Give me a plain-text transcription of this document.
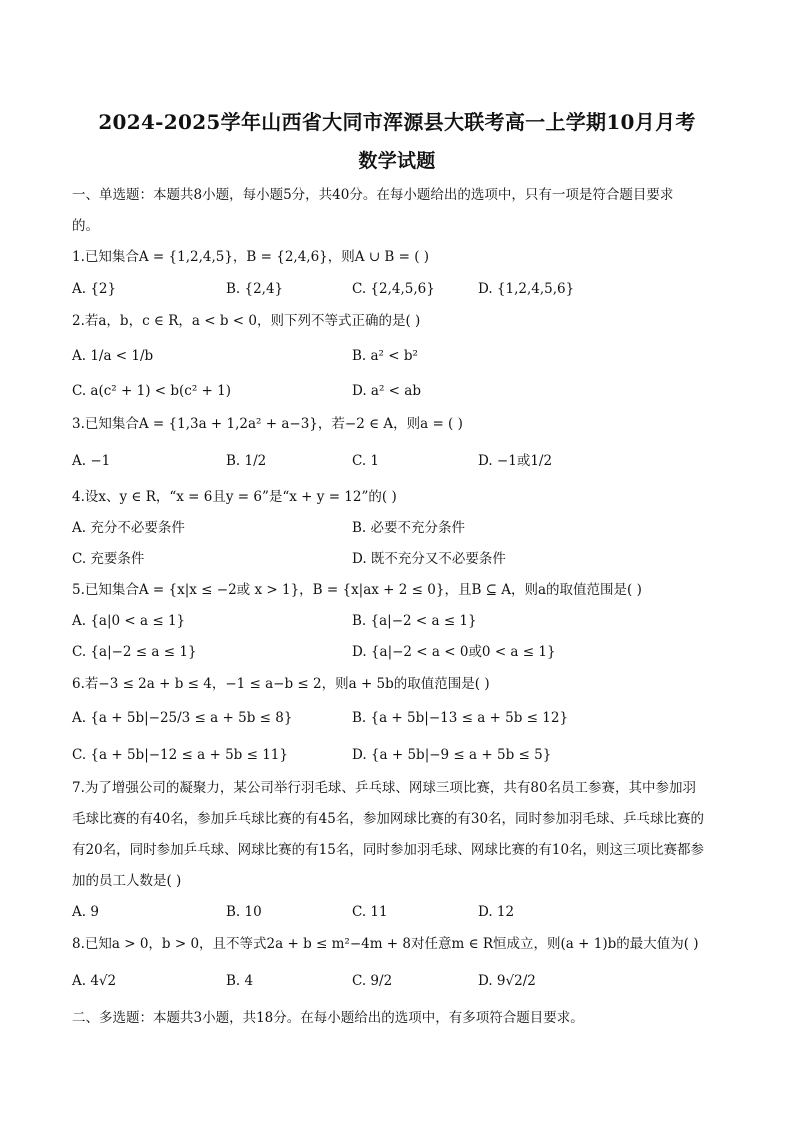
2024-2025学年山西省大同市浑源县大联考高一上学期10月月考
数学试题
一、单选题：本题共8小题，每小题5分，共40分。在每小题给出的选项中，只有一项是符合题目要求
的。
1.已知集合A = {1,2,4,5}，B = {2,4,6}，则A ∪ B = ( )
A. {2}	B. {2,4}	C. {2,4,5,6}	D. {1,2,4,5,6}
2.若a，b，c ∈ R，a < b < 0，则下列不等式正确的是( )
A. 1/a < 1/b	B. a² < b²
C. a(c² + 1) < b(c² + 1)	D. a² < ab
3.已知集合A = {1,3a + 1,2a² + a−3}，若−2 ∈ A，则a = ( )
A. −1	B. 1/2	C. 1	D. −1或1/2
4.设x、y ∈ R，“x = 6且y = 6”是“x + y = 12”的( )
A. 充分不必要条件	B. 必要不充分条件
C. 充要条件	D. 既不充分又不必要条件
5.已知集合A = {x|x ≤ −2或 x > 1}，B = {x|ax + 2 ≤ 0}，且B ⊆ A，则a的取值范围是( )
A. {a|0 < a ≤ 1}	B. {a|−2 < a ≤ 1}
C. {a|−2 ≤ a ≤ 1}	D. {a|−2 < a < 0或0 < a ≤ 1}
6.若−3 ≤ 2a + b ≤ 4，−1 ≤ a−b ≤ 2，则a + 5b的取值范围是( )
A. {a + 5b|−25/3 ≤ a + 5b ≤ 8}	B. {a + 5b|−13 ≤ a + 5b ≤ 12}
C. {a + 5b|−12 ≤ a + 5b ≤ 11}	D. {a + 5b|−9 ≤ a + 5b ≤ 5}
7.为了增强公司的凝聚力，某公司举行羽毛球、乒乓球、网球三项比赛，共有80名员工参赛，其中参加羽
毛球比赛的有40名，参加乒乓球比赛的有45名，参加网球比赛的有30名，同时参加羽毛球、乒乓球比赛的
有20名，同时参加乒乓球、网球比赛的有15名，同时参加羽毛球、网球比赛的有10名，则这三项比赛都参
加的员工人数是( )
A. 9	B. 10	C. 11	D. 12
8.已知a > 0，b > 0，且不等式2a + b ≤ m²−4m + 8对任意m ∈ R恒成立，则(a + 1)b的最大值为( )
A. 4√2	B. 4	C. 9/2	D. 9√2/2
二、多选题：本题共3小题，共18分。在每小题给出的选项中，有多项符合题目要求。
